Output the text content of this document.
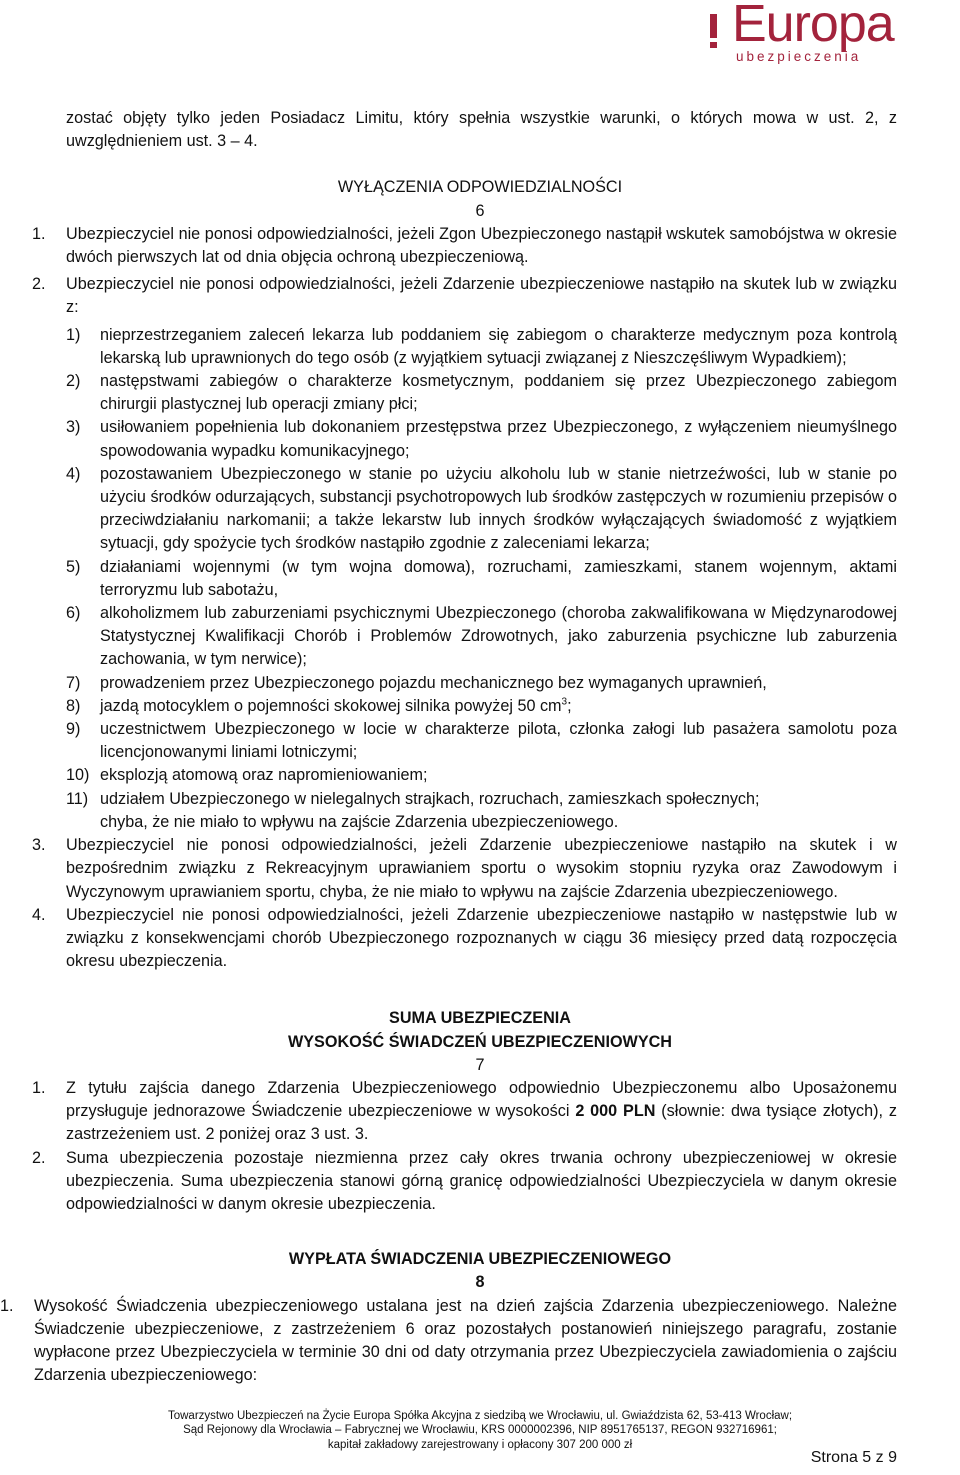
Europa
ubezpieczenia

zostać objęty tylko jeden Posiadacz Limitu, który spełnia wszystkie warunki, o których mowa w ust. 2, z uwzględnieniem ust. 3 – 4.

WYŁĄCZENIA ODPOWIEDZIALNOŚCI

6

1. Ubezpieczyciel nie ponosi odpowiedzialności, jeżeli Zgon Ubezpieczonego nastąpił wskutek samobójstwa w okresie dwóch pierwszych lat od dnia objęcia ochroną ubezpieczeniową.

2. Ubezpieczyciel nie ponosi odpowiedzialności, jeżeli Zdarzenie ubezpieczeniowe nastąpiło na skutek lub w związku z:

1) nieprzestrzeganiem zaleceń lekarza lub poddaniem się zabiegom o charakterze medycznym poza kontrolą lekarską lub uprawnionych do tego osób (z wyjątkiem sytuacji związanej z Nieszczęśliwym Wypadkiem);

2) następstwami zabiegów o charakterze kosmetycznym, poddaniem się przez Ubezpieczonego zabiegom chirurgii plastycznej lub operacji zmiany płci;

3) usiłowaniem popełnienia lub dokonaniem przestępstwa przez Ubezpieczonego, z wyłączeniem nieumyślnego spowodowania wypadku komunikacyjnego;

4) pozostawaniem Ubezpieczonego w stanie po użyciu alkoholu lub w stanie nietrzeźwości, lub w stanie po użyciu środków odurzających, substancji psychotropowych lub środków zastępczych w rozumieniu przepisów o przeciwdziałaniu narkomanii; a także lekarstw lub innych środków wyłączających świadomość z wyjątkiem sytuacji, gdy spożycie tych środków nastąpiło zgodnie z zaleceniami lekarza;

5) działaniami wojennymi (w tym wojna domowa), rozruchami, zamieszkami, stanem wojennym, aktami terroryzmu lub sabotażu,

6) alkoholizmem lub zaburzeniami psychicznymi Ubezpieczonego (choroba zakwalifikowana w Międzynarodowej Statystycznej Kwalifikacji Chorób i Problemów Zdrowotnych, jako zaburzenia psychiczne lub zaburzenia zachowania, w tym nerwice);

7) prowadzeniem przez Ubezpieczonego pojazdu mechanicznego bez wymaganych uprawnień,

8) jazdą motocyklem o pojemności skokowej silnika powyżej 50 $cm^3$;

9) uczestnictwem Ubezpieczonego w locie w charakterze pilota, członka załogi lub pasażera samolotu poza licencjonowanymi liniami lotniczymi;

10) eksplozją atomową oraz napromieniowaniem;

11) udziałem Ubezpieczonego w nielegalnych strajkach, rozruchach, zamieszkach społecznych;

chyba, że nie miało to wpływu na zajście Zdarzenia ubezpieczeniowego.

3. Ubezpieczyciel nie ponosi odpowiedzialności, jeżeli Zdarzenie ubezpieczeniowe nastąpiło na skutek i w bezpośrednim związku z Rekreacyjnym uprawianiem sportu o wysokim stopniu ryzyka oraz Zawodowym i Wyczynowym uprawianiem sportu, chyba, że nie miało to wpływu na zajście Zdarzenia ubezpieczeniowego.

4. Ubezpieczyciel nie ponosi odpowiedzialności, jeżeli Zdarzenie ubezpieczeniowe nastąpiło w następstwie lub w związku z konsekwencjami chorób Ubezpieczonego rozpoznanych w ciągu 36 miesięcy przed datą rozpoczęcia okresu ubezpieczenia.

SUMA UBEZPIECZENIA

WYSOKOŚĆ ŚWIADCZEŃ UBEZPIECZENIOWYCH

7

1. Z tytułu zajścia danego Zdarzenia Ubezpieczeniowego odpowiednio Ubezpieczonemu albo Uposażonemu przysługuje jednorazowe Świadczenie ubezpieczeniowe w wysokości 2 000 PLN (słownie: dwa tysiące złotych), z zastrzeżeniem ust. 2 poniżej oraz 3 ust. 3.

2. Suma ubezpieczenia pozostaje niezmienna przez cały okres trwania ochrony ubezpieczeniowej w okresie ubezpieczenia. Suma ubezpieczenia stanowi górną granicę odpowiedzialności Ubezpieczyciela w danym okresie odpowiedzialności w danym okresie ubezpieczenia.

WYPŁATA ŚWIADCZENIA UBEZPIECZENIOWEGO

8

1. Wysokość Świadczenia ubezpieczeniowego ustalana jest na dzień zajścia Zdarzenia ubezpieczeniowego. Należne Świadczenie ubezpieczeniowe, z zastrzeżeniem 6 oraz pozostałych postanowień niniejszego paragrafu, zostanie wypłacone przez Ubezpieczyciela w terminie 30 dni od daty otrzymania przez Ubezpieczyciela zawiadomienia o zajściu Zdarzenia ubezpieczeniowego:

Towarzystwo Ubezpieczeń na Życie Europa Spółka Akcyjna z siedzibą we Wrocławiu, ul. Gwiaździsta 62, 53-413 Wrocław;
Sąd Rejonowy dla Wrocławia – Fabrycznej we Wrocławiu, KRS 0000002396, NIP 8951765137, REGON 932716961;
kapitał zakładowy zarejestrowany i opłacony 307 200 000 zł
Strona 5 z 9
